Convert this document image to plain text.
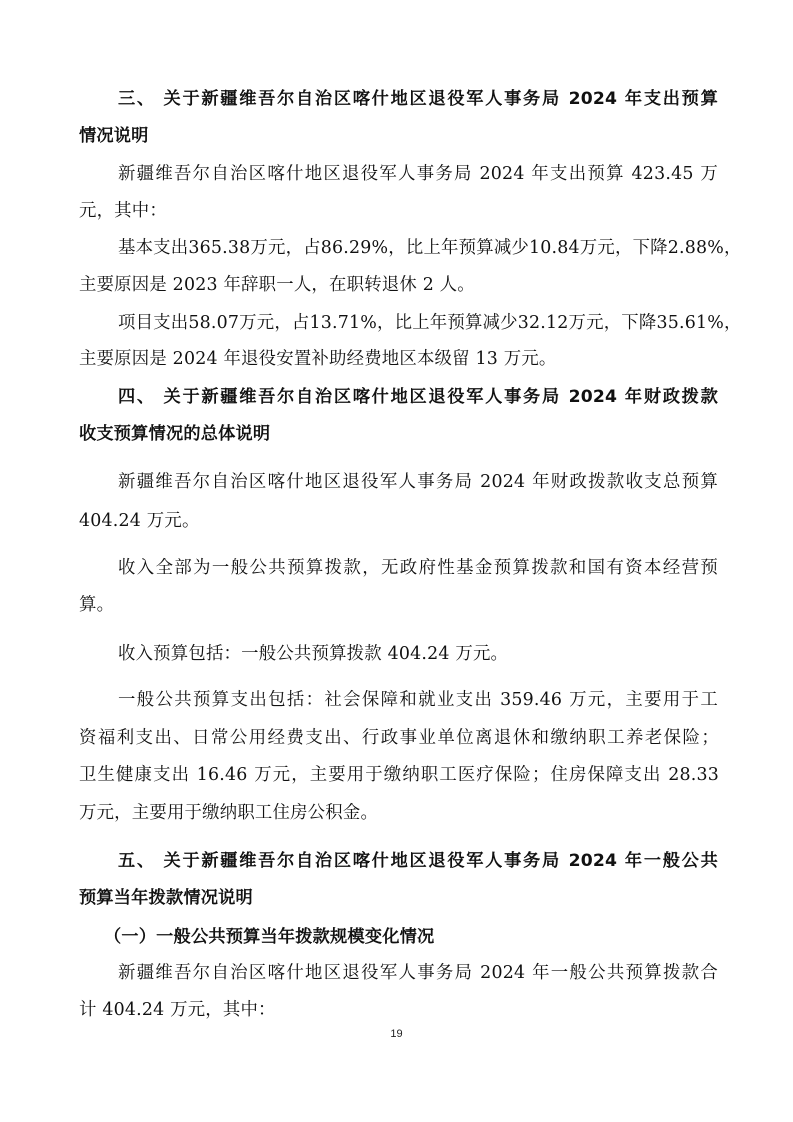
三、 关于新疆维吾尔自治区喀什地区退役军人事务局 2024 年支出预算
情况说明
新疆维吾尔自治区喀什地区退役军人事务局 2024 年支出预算 423.45 万
元，其中：
基本支出365.38万元，占86.29%，比上年预算减少10.84万元，下降2.88%，
主要原因是 2023 年辞职一人，在职转退休 2 人。
项目支出58.07万元，占13.71%，比上年预算减少32.12万元，下降35.61%，
主要原因是 2024 年退役安置补助经费地区本级留 13 万元。
四、 关于新疆维吾尔自治区喀什地区退役军人事务局 2024 年财政拨款
收支预算情况的总体说明
新疆维吾尔自治区喀什地区退役军人事务局 2024 年财政拨款收支总预算
404.24 万元。
收入全部为一般公共预算拨款，无政府性基金预算拨款和国有资本经营预
算。
收入预算包括：一般公共预算拨款 404.24 万元。
一般公共预算支出包括：社会保障和就业支出 359.46 万元，主要用于工
资福利支出、日常公用经费支出、行政事业单位离退休和缴纳职工养老保险；
卫生健康支出 16.46 万元，主要用于缴纳职工医疗保险；住房保障支出 28.33
万元，主要用于缴纳职工住房公积金。
五、 关于新疆维吾尔自治区喀什地区退役军人事务局 2024 年一般公共
预算当年拨款情况说明
（一）一般公共预算当年拨款规模变化情况
新疆维吾尔自治区喀什地区退役军人事务局 2024 年一般公共预算拨款合
计 404.24 万元，其中：
19
